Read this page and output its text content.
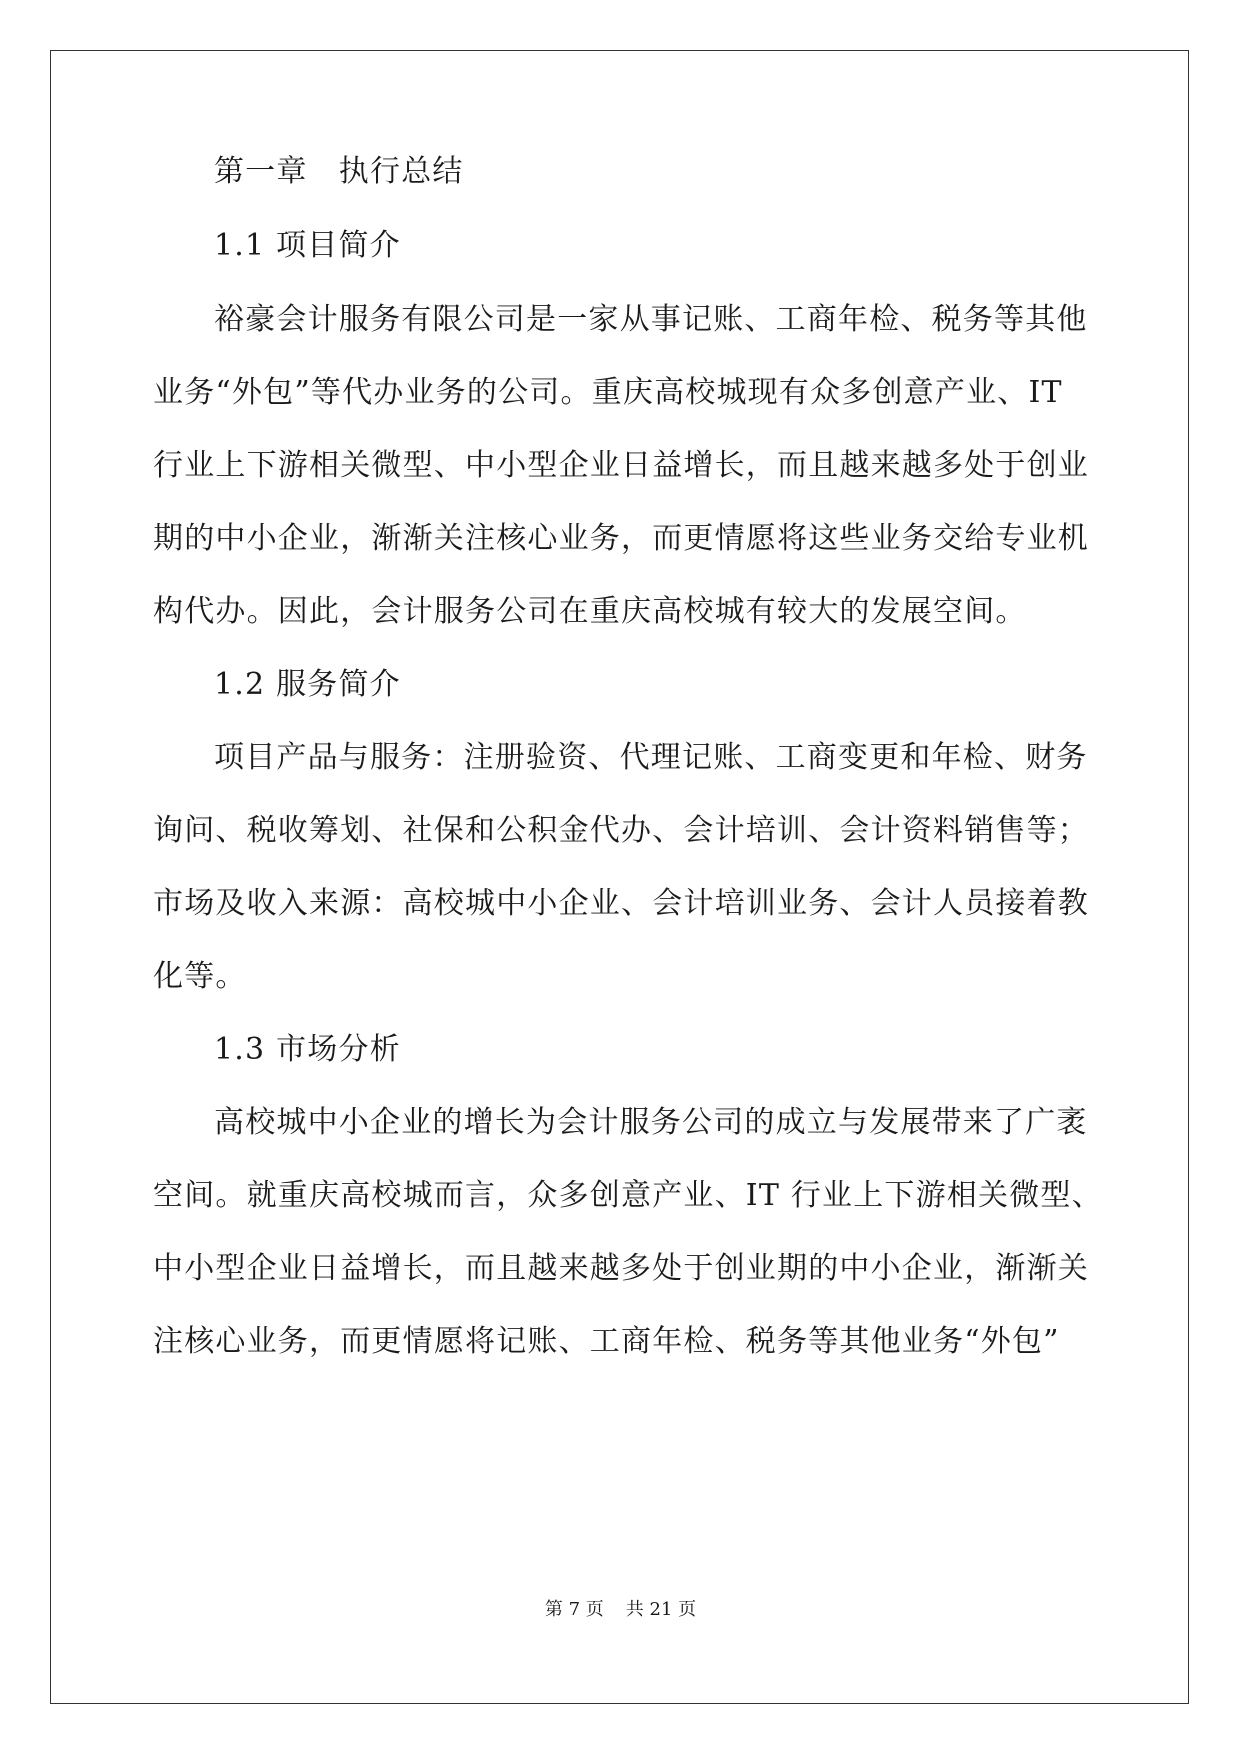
第一章　执行总结
1.1 项目简介
裕豪会计服务有限公司是一家从事记账、工商年检、税务等其他
业务“外包”等代办业务的公司。重庆高校城现有众多创意产业、IT
行业上下游相关微型、中小型企业日益增长，而且越来越多处于创业
期的中小企业，渐渐关注核心业务，而更情愿将这些业务交给专业机
构代办。因此，会计服务公司在重庆高校城有较大的发展空间。
1.2 服务简介
项目产品与服务：注册验资、代理记账、工商变更和年检、财务
询问、税收筹划、社保和公积金代办、会计培训、会计资料销售等；
市场及收入来源：高校城中小企业、会计培训业务、会计人员接着教
化等。
1.3 市场分析
高校城中小企业的增长为会计服务公司的成立与发展带来了广袤
空间。就重庆高校城而言，众多创意产业、IT 行业上下游相关微型、
中小型企业日益增长，而且越来越多处于创业期的中小企业，渐渐关
注核心业务，而更情愿将记账、工商年检、税务等其他业务“外包”
第 7 页 共 21 页
